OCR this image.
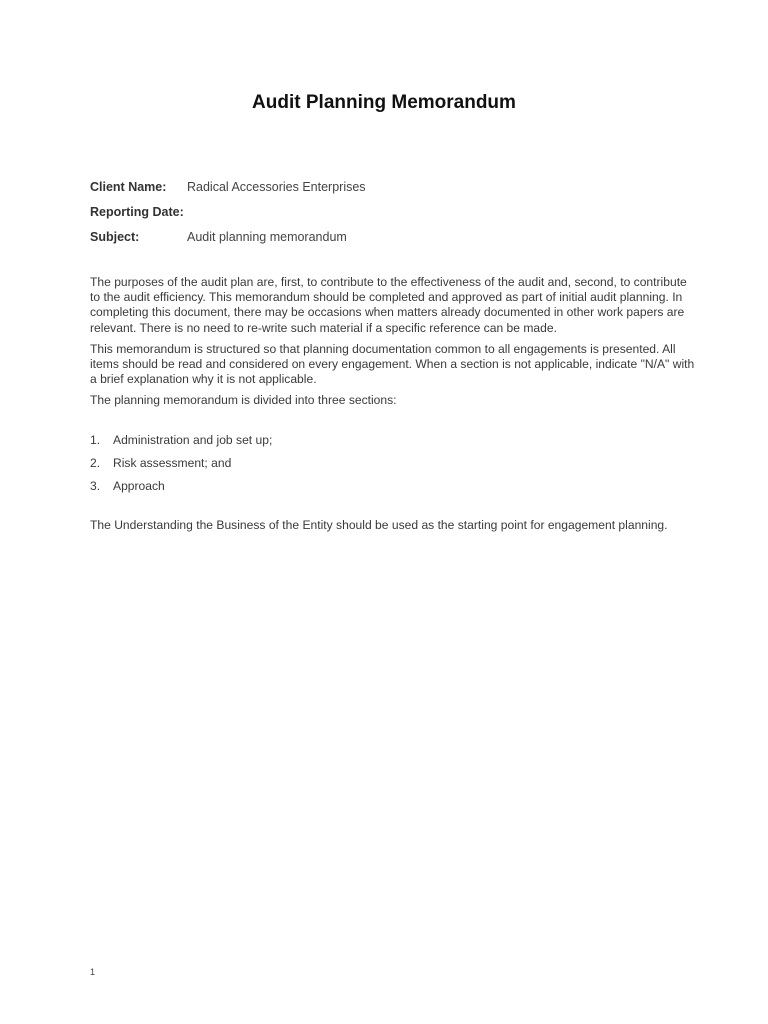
Audit Planning Memorandum
Client Name:	Radical Accessories Enterprises
Reporting Date:
Subject:	Audit planning memorandum

The purposes of the audit plan are, first, to contribute to the effectiveness of the audit and, second, to contribute to the audit efficiency. This memorandum should be completed and approved as part of initial audit planning. In completing this document, there may be occasions when matters already documented in other work papers are relevant. There is no need to re-write such material if a specific reference can be made.

This memorandum is structured so that planning documentation common to all engagements is presented. All items should be read and considered on every engagement. When a section is not applicable, indicate "N/A" with a brief explanation why it is not applicable.

The planning memorandum is divided into three sections:

1.	Administration and job set up;
2.	Risk assessment; and
3.	Approach

The Understanding the Business of the Entity should be used as the starting point for engagement planning.

1
